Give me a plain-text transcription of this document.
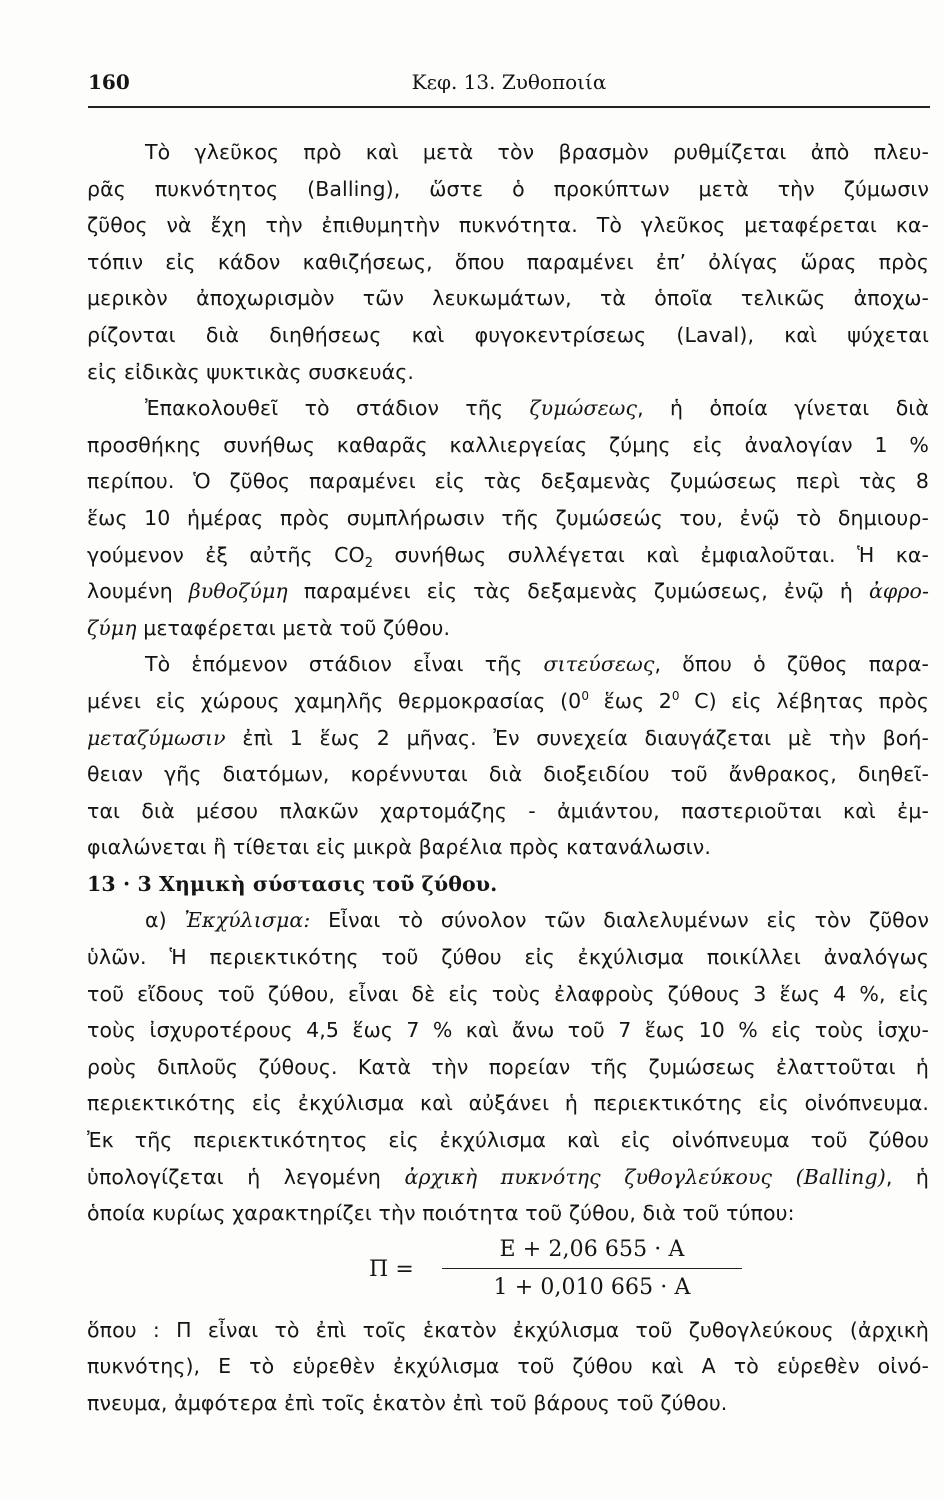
160	Κεφ. 13. Ζυθοποιία
Τὸ γλεῦκος πρὸ καὶ μετὰ τὸν βρασμὸν ρυθμίζεται ἀπὸ πλευ-
ρᾶς πυκνότητος (Balling), ὥστε ὁ προκύπτων μετὰ τὴν ζύμωσιν
ζῦθος νὰ ἔχη τὴν ἐπιθυμητὴν πυκνότητα. Τὸ γλεῦκος μεταφέρεται κα-
τόπιν εἰς κάδον καθιζήσεως, ὅπου παραμένει ἐπ’ ὀλίγας ὥρας πρὸς
μερικὸν ἀποχωρισμὸν τῶν λευκωμάτων, τὰ ὁποῖα τελικῶς ἀποχω-
ρίζονται διὰ διηθήσεως καὶ φυγοκεντρίσεως (Laval), καὶ ψύχεται
εἰς εἰδικὰς ψυκτικὰς συσκευάς.
Ἐπακολουθεῖ τὸ στάδιον τῆς ζυμώσεως, ἡ ὁποία γίνεται διὰ
προσθήκης συνήθως καθαρᾶς καλλιεργείας ζύμης εἰς ἀναλογίαν 1 %
περίπου. Ὁ ζῦθος παραμένει εἰς τὰς δεξαμενὰς ζυμώσεως περὶ τὰς 8
ἕως 10 ἡμέρας πρὸς συμπλήρωσιν τῆς ζυμώσεώς του, ἐνῷ τὸ δημιουρ-
γούμενον ἐξ αὐτῆς $CO_2$ συνήθως συλλέγεται καὶ ἐμφιαλοῦται. Ἡ κα-
λουμένη βυθοζύμη παραμένει εἰς τὰς δεξαμενὰς ζυμώσεως, ἐνῷ ἡ ἀφρο-
ζύμη μεταφέρεται μετὰ τοῦ ζύθου.
Τὸ ἑπόμενον στάδιον εἶναι τῆς σιτεύσεως, ὅπου ὁ ζῦθος παρα-
μένει εἰς χώρους χαμηλῆς θερμοκρασίας ($0^0$ ἕως $2^0$ C) εἰς λέβητας πρὸς
μεταζύμωσιν ἐπὶ 1 ἕως 2 μῆνας. Ἐν συνεχεία διαυγάζεται μὲ τὴν βοή-
θειαν γῆς διατόμων, κορέννυται διὰ διοξειδίου τοῦ ἄνθρακος, διηθεῖ-
ται διὰ μέσου πλακῶν χαρτομάζης - ἀμιάντου, παστεριοῦται καὶ ἐμ-
φιαλώνεται ἢ τίθεται εἰς μικρὰ βαρέλια πρὸς κατανάλωσιν.
13 · 3 Χημικὴ σύστασις τοῦ ζύθου.
α) Ἐκχύλισμα: Εἶναι τὸ σύνολον τῶν διαλελυμένων εἰς τὸν ζῦθον
ὑλῶν. Ἡ περιεκτικότης τοῦ ζύθου εἰς ἐκχύλισμα ποικίλλει ἀναλόγως
τοῦ εἴδους τοῦ ζύθου, εἶναι δὲ εἰς τοὺς ἐλαφροὺς ζύθους 3 ἕως 4 %, εἰς
τοὺς ἰσχυροτέρους 4,5 ἕως 7 % καὶ ἄνω τοῦ 7 ἕως 10 % εἰς τοὺς ἰσχυ-
ροὺς διπλοῦς ζύθους. Κατὰ τὴν πορείαν τῆς ζυμώσεως ἐλαττοῦται ἡ
περιεκτικότης εἰς ἐκχύλισμα καὶ αὐξάνει ἡ περιεκτικότης εἰς οἰνόπνευμα.
Ἐκ τῆς περιεκτικότητος εἰς ἐκχύλισμα καὶ εἰς οἰνόπνευμα τοῦ ζύθου
ὑπολογίζεται ἡ λεγομένη ἀρχικὴ πυκνότης ζυθογλεύκους (Balling), ἡ
ὁποία κυρίως χαρακτηρίζει τὴν ποιότητα τοῦ ζύθου, διὰ τοῦ τύπου:
Π =
E + 2,06 655 · A
1 + 0,010 665 · A
ὅπου : Π εἶναι τὸ ἐπὶ τοῖς ἑκατὸν ἐκχύλισμα τοῦ ζυθογλεύκους (ἀρχικὴ
πυκνότης), Ε τὸ εὑρεθὲν ἐκχύλισμα τοῦ ζύθου καὶ Α τὸ εὑρεθὲν οἰνό-
πνευμα, ἀμφότερα ἐπὶ τοῖς ἑκατὸν ἐπὶ τοῦ βάρους τοῦ ζύθου.
